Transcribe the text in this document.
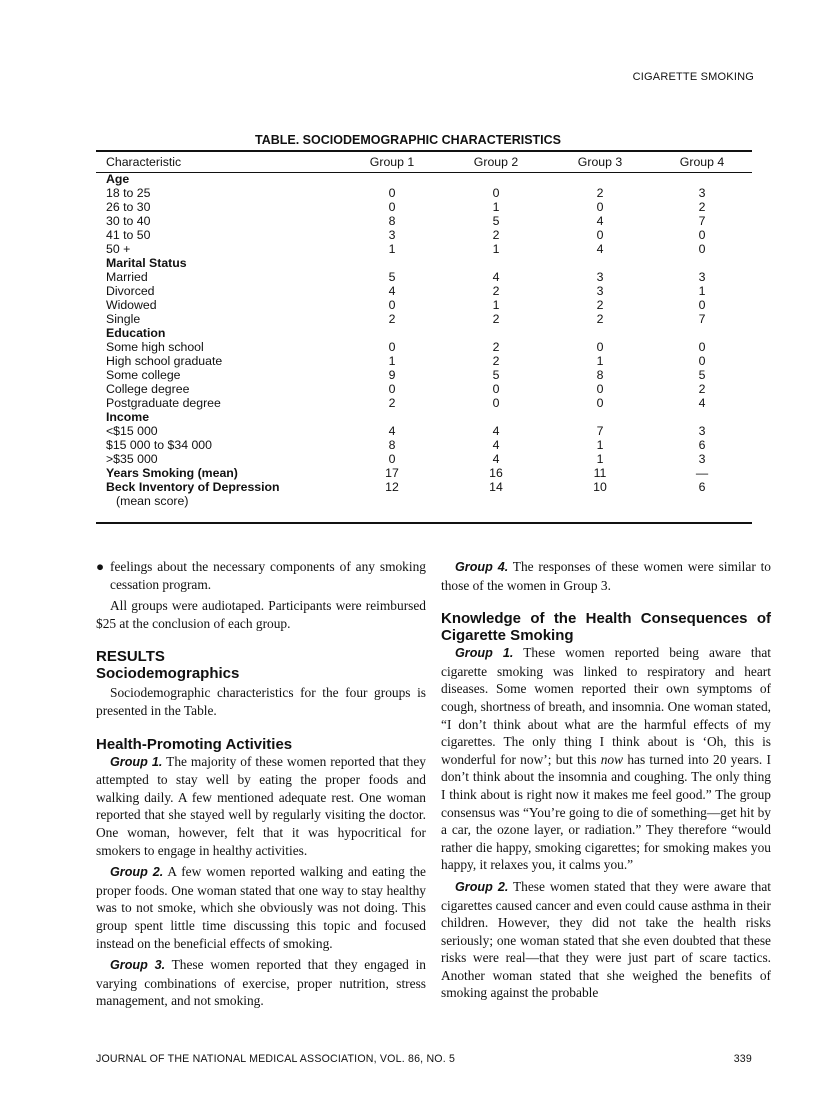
CIGARETTE SMOKING
TABLE. SOCIODEMOGRAPHIC CHARACTERISTICS
Characteristic	Group 1	Group 2	Group 3	Group 4
Age				
18 to 25	0	0	2	3
26 to 30	0	1	0	2
30 to 40	8	5	4	7
41 to 50	3	2	0	0
50 +	1	1	4	0
Marital Status				
Married	5	4	3	3
Divorced	4	2	3	1
Widowed	0	1	2	0
Single	2	2	2	7
Education				
Some high school	0	2	0	0
High school graduate	1	2	1	0
Some college	9	5	8	5
College degree	0	0	0	2
Postgraduate degree	2	0	0	4
Income				
<$15 000	4	4	7	3
$15 000 to $34 000	8	4	1	6
>$35 000	0	4	1	3
Years Smoking (mean)	17	16	11	—
Beck Inventory of Depression
(mean score)	12	14	10	6
● feelings about the necessary components of any smoking cessation program.

All groups were audiotaped. Participants were reimbursed $25 at the conclusion of each group.

RESULTS
Sociodemographics

Sociodemographic characteristics for the four groups is presented in the Table.

Health-Promoting Activities

Group 1. The majority of these women reported that they attempted to stay well by eating the proper foods and walking daily. A few mentioned adequate rest. One woman reported that she stayed well by regularly visiting the doctor. One woman, however, felt that it was hypocritical for smokers to engage in healthy activities.

Group 2. A few women reported walking and eating the proper foods. One woman stated that one way to stay healthy was to not smoke, which she obviously was not doing. This group spent little time discussing this topic and focused instead on the beneficial effects of smoking.

Group 3. These women reported that they engaged in varying combinations of exercise, proper nutrition, stress management, and not smoking.

Group 4. The responses of these women were similar to those of the women in Group 3.

Knowledge of the Health Consequences of Cigarette Smoking

Group 1. These women reported being aware that cigarette smoking was linked to respiratory and heart diseases. Some women reported their own symptoms of cough, shortness of breath, and insomnia. One woman stated, “I don’t think about what are the harmful effects of my cigarettes. The only thing I think about is ‘Oh, this is wonderful for now’; but this now has turned into 20 years. I don’t think about the insomnia and coughing. The only thing I think about is right now it makes me feel good.” The group consensus was “You’re going to die of something—get hit by a car, the ozone layer, or radiation.” They therefore “would rather die happy, smoking cigarettes; for smoking makes you happy, it relaxes you, it calms you.”

Group 2. These women stated that they were aware that cigarettes caused cancer and even could cause asthma in their children. However, they did not take the health risks seriously; one woman stated that she even doubted that these risks were real—that they were just part of scare tactics. Another woman stated that she weighed the benefits of smoking against the probable

JOURNAL OF THE NATIONAL MEDICAL ASSOCIATION, VOL. 86, NO. 5	339
